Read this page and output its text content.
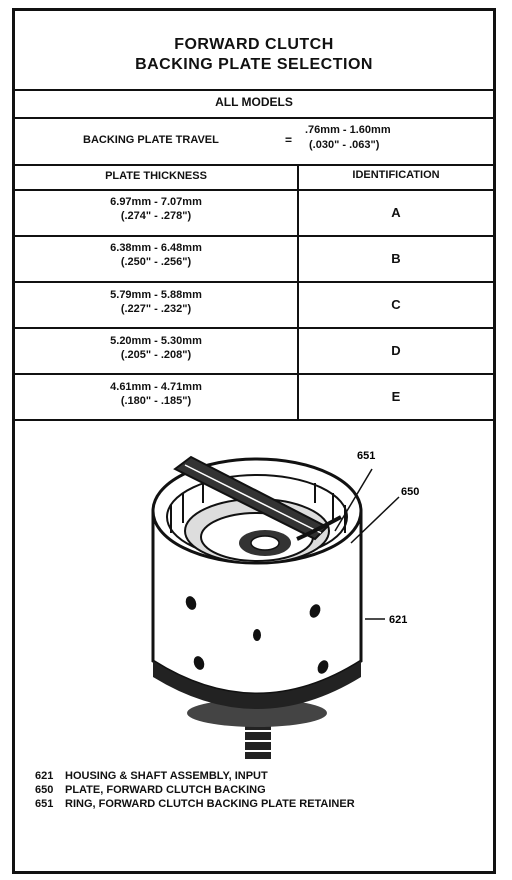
FORWARD CLUTCH
BACKING PLATE SELECTION
ALL MODELS
BACKING PLATE TRAVEL	=
.76mm - 1.60mm
(.030" - .063")
PLATE THICKNESS	IDENTIFICATION
6.97mm - 7.07mm
(.274" - .278")	A
6.38mm - 6.48mm
(.250" - .256")	B
5.79mm - 5.88mm
(.227" - .232")	C
5.20mm - 5.30mm
(.205" - .208")	D
4.61mm - 4.71mm
(.180" - .185")	E
651
650
621
621 HOUSING & SHAFT ASSEMBLY, INPUT
650 PLATE, FORWARD CLUTCH BACKING
651 RING, FORWARD CLUTCH BACKING PLATE RETAINER
